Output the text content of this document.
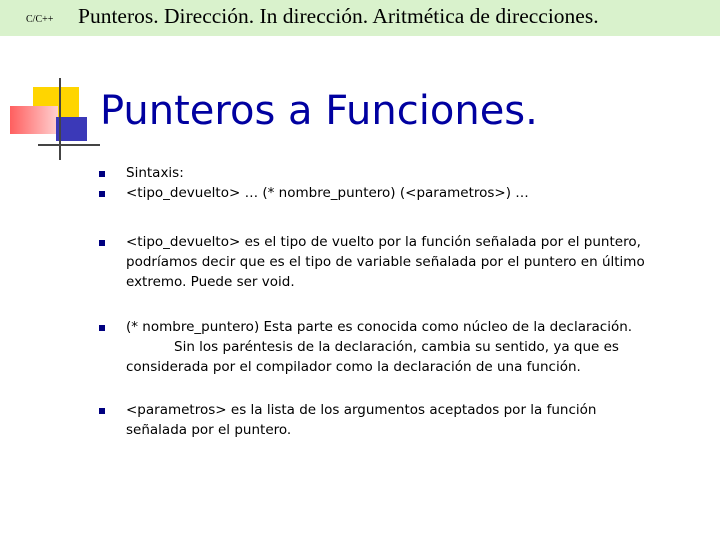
C/C++ Punteros. Dirección. In dirección. Aritmética de direcciones.
Punteros a Funciones.
Sintaxis:
<tipo_devuelto> … (* nombre_puntero) (<parametros>) …
<tipo_devuelto> es el tipo de vuelto por la función señalada por el puntero,
podríamos decir que es el tipo de variable señalada por el puntero en último
extremo. Puede ser void.
(* nombre_puntero) Esta parte es conocida como núcleo de la declaración.
Sin los paréntesis de la declaración, cambia su sentido, ya que es
considerada por el compilador como la declaración de una función.
<parametros> es la lista de los argumentos aceptados por la función
señalada por el puntero.
